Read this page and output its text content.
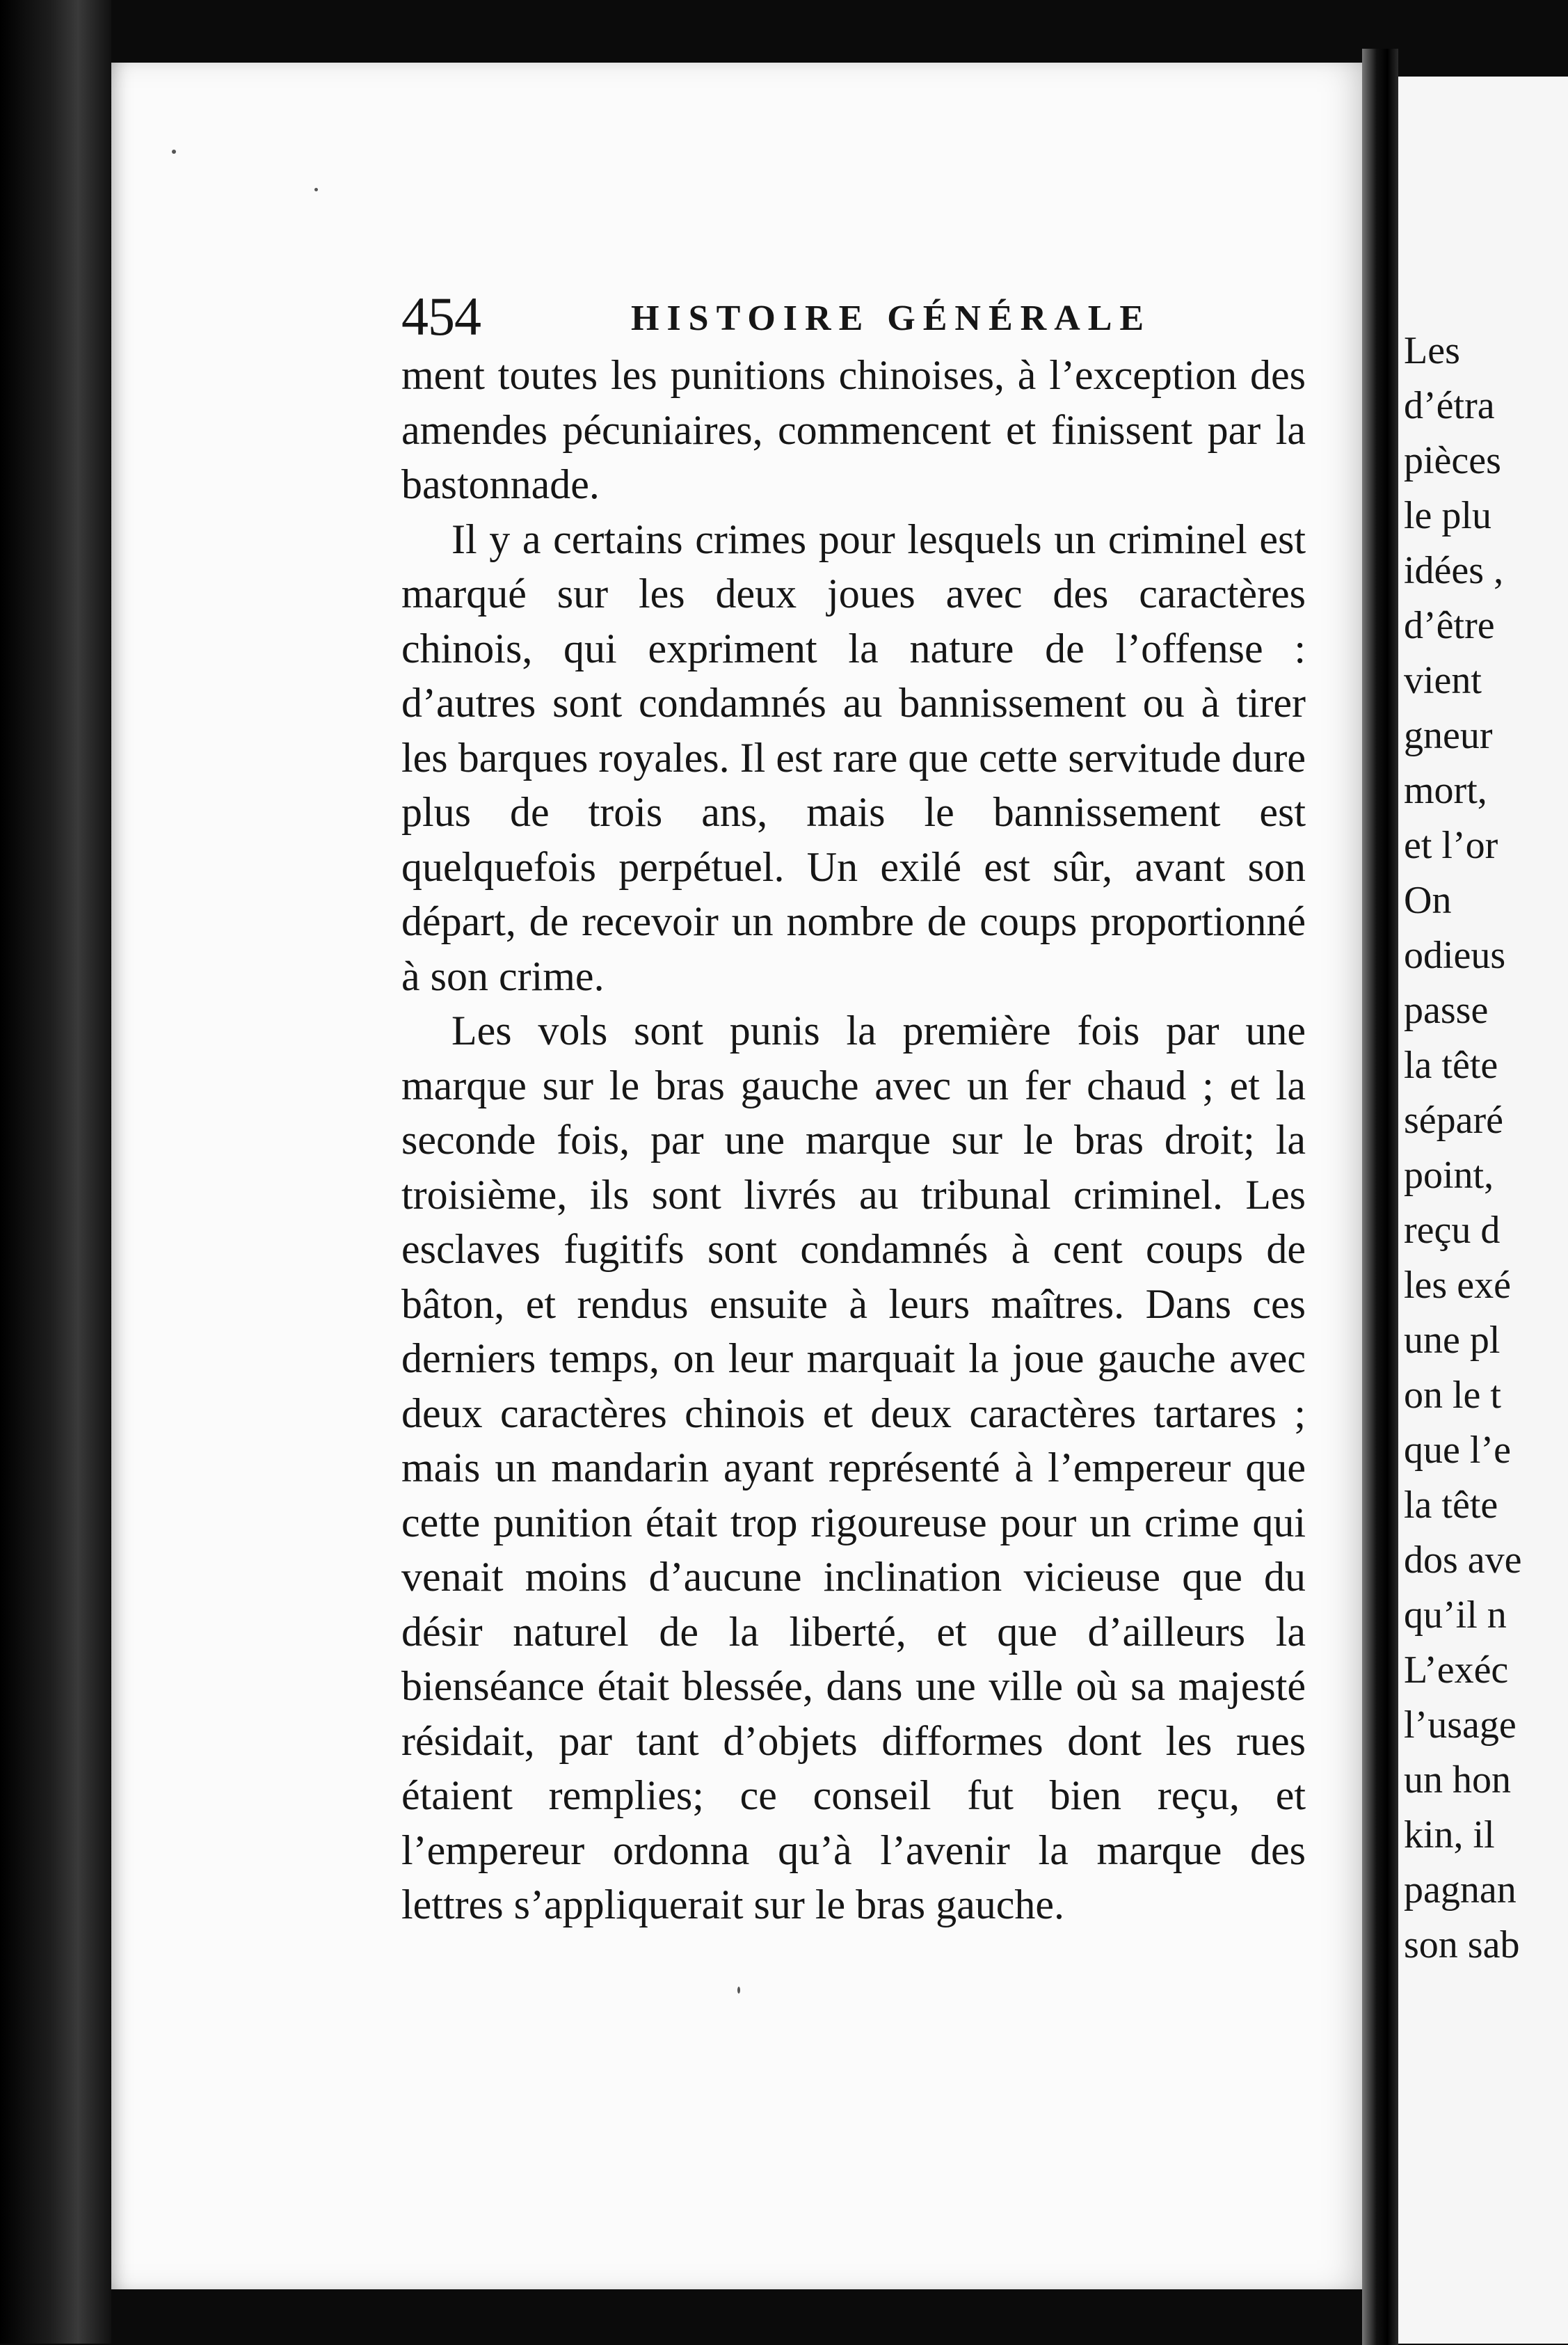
454	HISTOIRE GÉNÉRALE

ment toutes les punitions chinoises, à l’exception des amendes pécuniaires, commencent et finissent par la bastonnade.

Il y a certains crimes pour lesquels un criminel est marqué sur les deux joues avec des caractères chinois, qui expriment la nature de l’offense : d’autres sont condamnés au bannissement ou à tirer les barques royales. Il est rare que cette servitude dure plus de trois ans, mais le bannissement est quelquefois perpétuel. Un exilé est sûr, avant son départ, de recevoir un nombre de coups proportionné à son crime.

Les vols sont punis la première fois par une marque sur le bras gauche avec un fer chaud ; et la seconde fois, par une marque sur le bras droit; la troisième, ils sont livrés au tribunal criminel. Les esclaves fugitifs sont condamnés à cent coups de bâton, et rendus ensuite à leurs maîtres. Dans ces derniers temps, on leur marquait la joue gauche avec deux caractères chinois et deux caractères tartares ; mais un mandarin ayant représenté à l’empereur que cette punition était trop rigoureuse pour un crime qui venait moins d’aucune inclination vicieuse que du désir naturel de la liberté, et que d’ailleurs la bienséance était blessée, dans une ville où sa majesté résidait, par tant d’objets difformes dont les rues étaient remplies; ce conseil fut bien reçu, et l’empereur ordonna qu’à l’avenir la marque des lettres s’appliquerait sur le bras gauche.

Les
d’étra
pièces
le plu
idées ,
d’être
vient
gneur
mort,
et l’or
On
odieus
passe
la tête
séparé
point,
reçu d
les exé
une pl
on le t
que l’e
la tête
dos ave
qu’il n
L’exéc
l’usage
un hon
kin, il
pagnan
son sab
